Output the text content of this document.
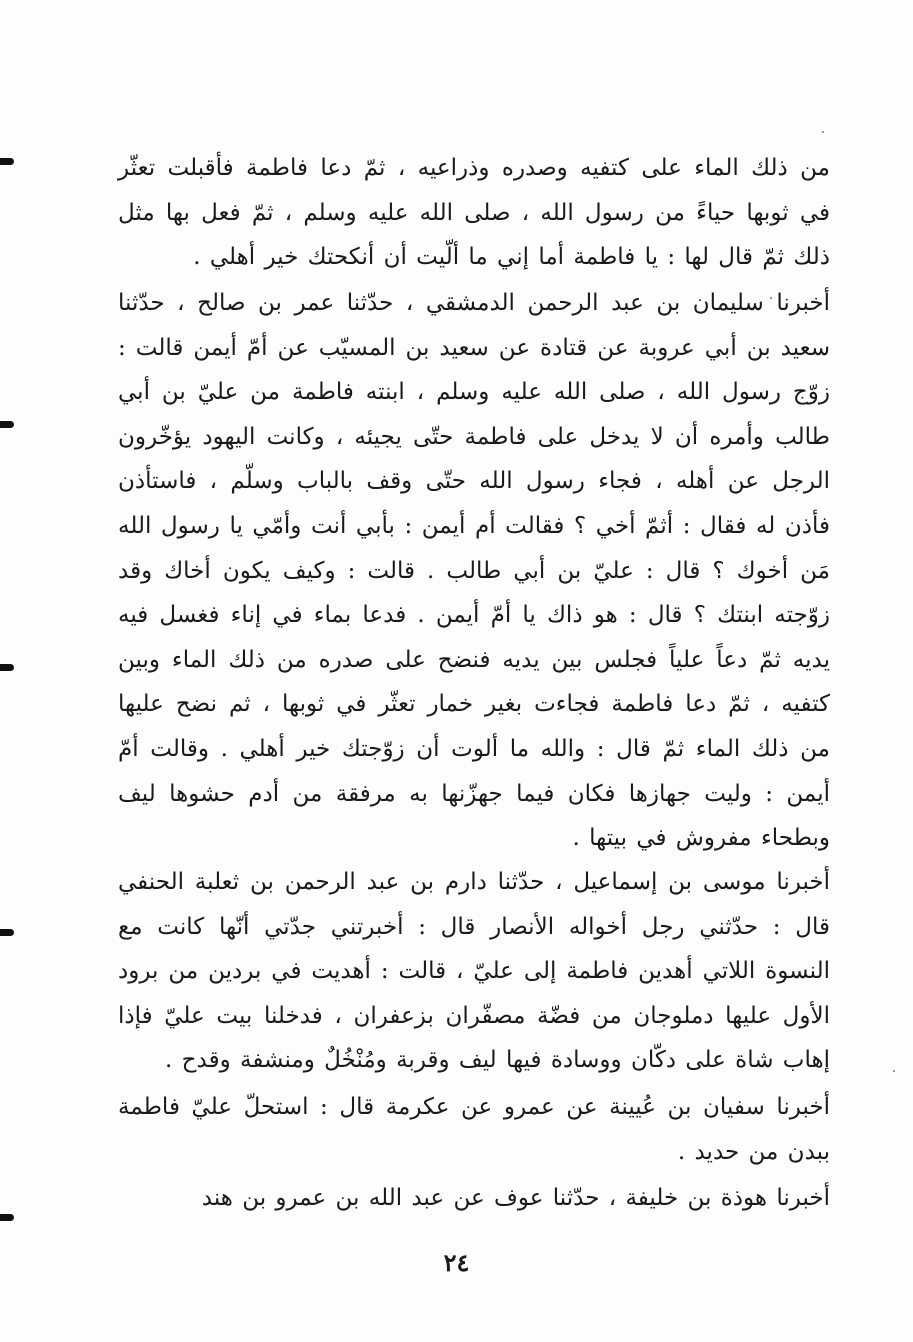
من ذلك الماء على كتفيه وصدره وذراعيه ، ثمّ دعا فاطمة فأقبلت تعثّر في ثوبها حياءً من رسول الله ، صلى الله عليه وسلم ، ثمّ فعل بها مثل ذلك ثمّ قال لها : يا فاطمة أما إني ما ألّيت أن أنكحتك خير أهلي .

أخبرنا سليمان بن عبد الرحمن الدمشقي ، حدّثنا عمر بن صالح ، حدّثنا سعيد بن أبي عروبة عن قتادة عن سعيد بن المسيّب عن أمّ أيمن قالت : زوّج رسول الله ، صلى الله عليه وسلم ، ابنته فاطمة من عليّ بن أبي طالب وأمره أن لا يدخل على فاطمة حتّى يجيئه ، وكانت اليهود يؤخّرون الرجل عن أهله ، فجاء رسول الله حتّى وقف بالباب وسلّم ، فاستأذن فأذن له فقال : أثمّ أخي ؟ فقالت أم أيمن : بأبي أنت وأمّي يا رسول الله مَن أخوك ؟ قال : عليّ بن أبي طالب . قالت : وكيف يكون أخاك وقد زوّجته ابنتك ؟ قال : هو ذاك يا أمّ أيمن . فدعا بماء في إناء فغسل فيه يديه ثمّ دعاً علياً فجلس بين يديه فنضح على صدره من ذلك الماء وبين كتفيه ، ثمّ دعا فاطمة فجاءت بغير خمار تعثّر في ثوبها ، ثم نضح عليها من ذلك الماء ثمّ قال : والله ما ألوت أن زوّجتك خير أهلي . وقالت أمّ أيمن : وليت جهازها فكان فيما جهزّنها به مرفقة من أدم حشوها ليف وبطحاء مفروش في بيتها .

أخبرنا موسى بن إسماعيل ، حدّثنا دارم بن عبد الرحمن بن ثعلبة الحنفي قال : حدّثني رجل أخواله الأنصار قال : أخبرتني جدّتي أنّها كانت مع النسوة اللاتي أهدين فاطمة إلى عليّ ، قالت : أهديت في بردين من برود الأول عليها دملوجان من فضّة مصفّران بزعفران ، فدخلنا بيت عليّ فإذا إهاب شاة على دكّان ووسادة فيها ليف وقربة ومُنْخُلٌ ومنشفة وقدح .

أخبرنا سفيان بن عُيينة عن عمرو عن عكرمة قال : استحلّ عليّ فاطمة ببدن من حديد .

أخبرنا هوذة بن خليفة ، حدّثنا عوف عن عبد الله بن عمرو بن هند

٢٤
